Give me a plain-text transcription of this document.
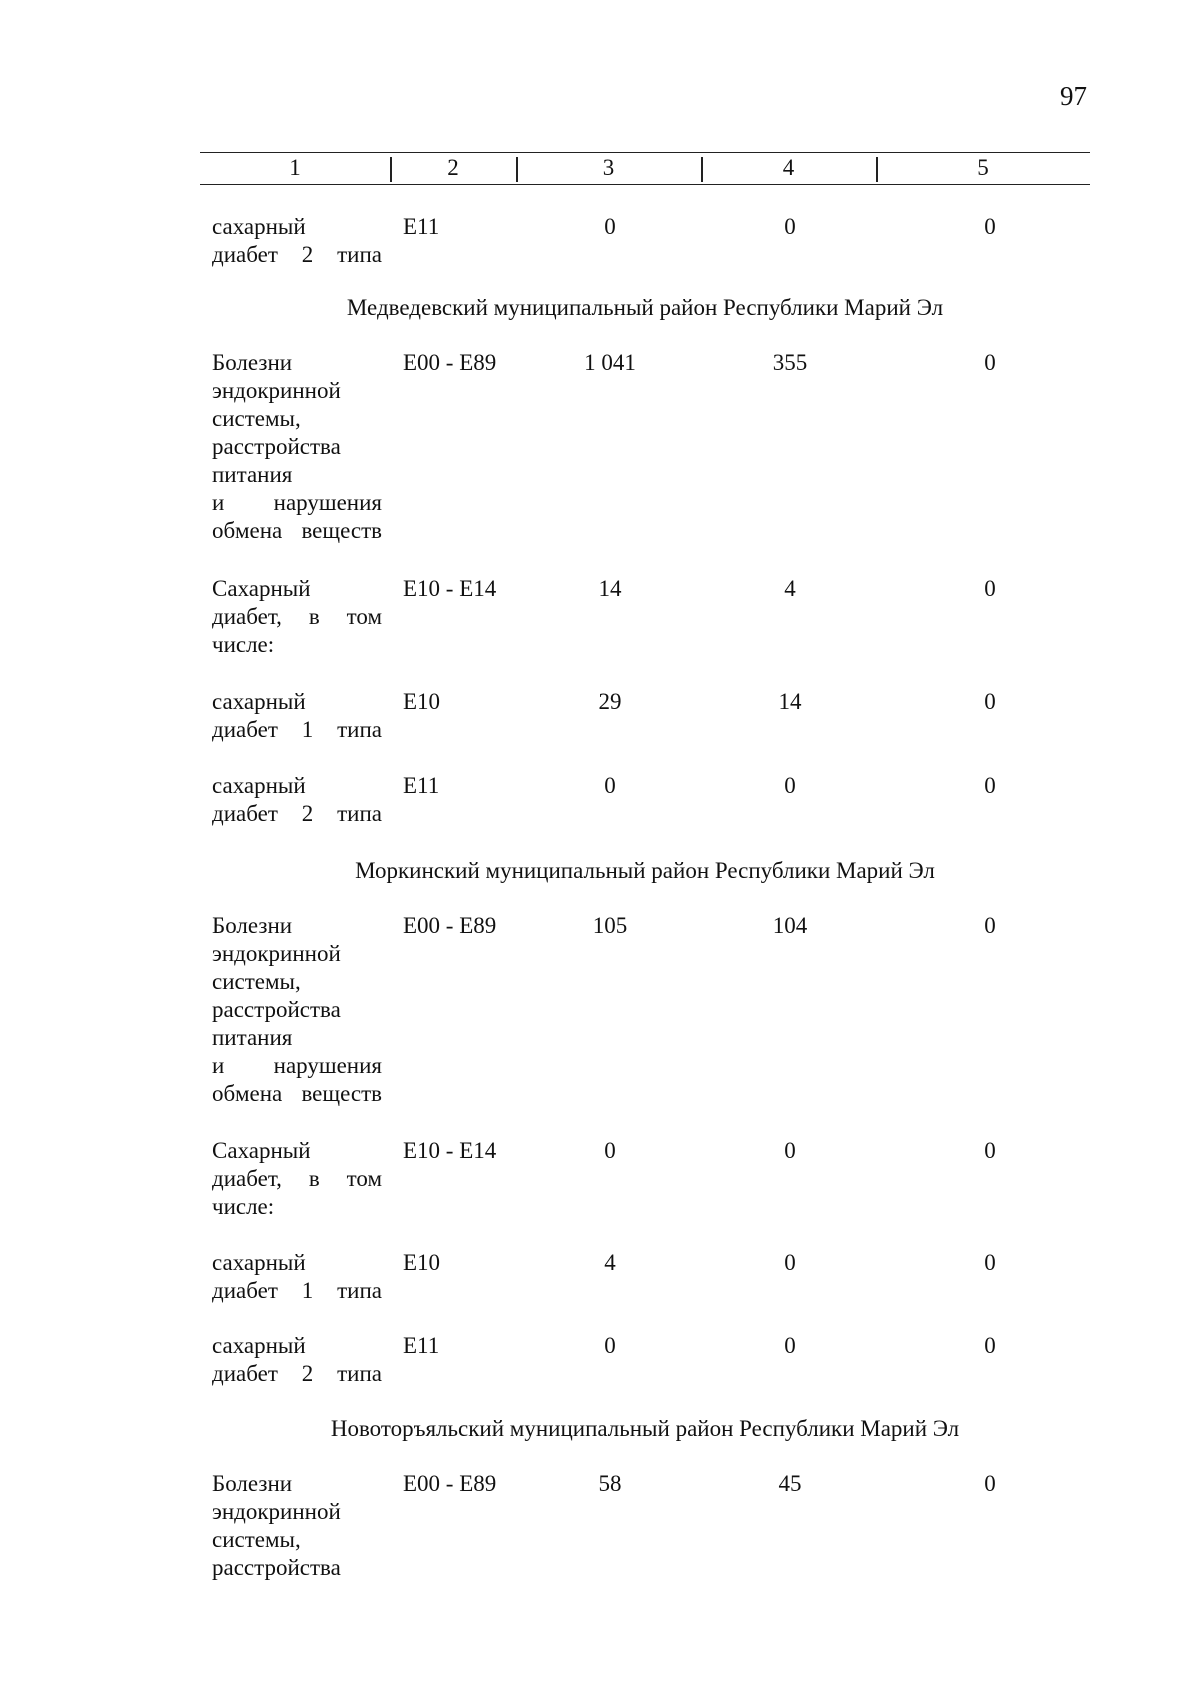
97
1	2	3	4	5
сахарный
диабет 2 типа
E11	0	0	0
Медведевский муниципальный район Республики Марий Эл
Болезни
эндокринной
системы,
расстройства
питания
и нарушения
обмена веществ
E00 - E89	1 041	355	0
Сахарный
диабет, в том
числе:
E10 - E14	14	4	0
сахарный
диабет 1 типа
E10	29	14	0
сахарный
диабет 2 типа
E11	0	0	0
Моркинский муниципальный район Республики Марий Эл
Болезни
эндокринной
системы,
расстройства
питания
и нарушения
обмена веществ
E00 - E89	105	104	0
Сахарный
диабет, в том
числе:
E10 - E14	0	0	0
сахарный
диабет 1 типа
E10	4	0	0
сахарный
диабет 2 типа
E11	0	0	0
Новоторъяльский муниципальный район Республики Марий Эл
Болезни
эндокринной
системы,
расстройства
E00 - E89	58	45	0
